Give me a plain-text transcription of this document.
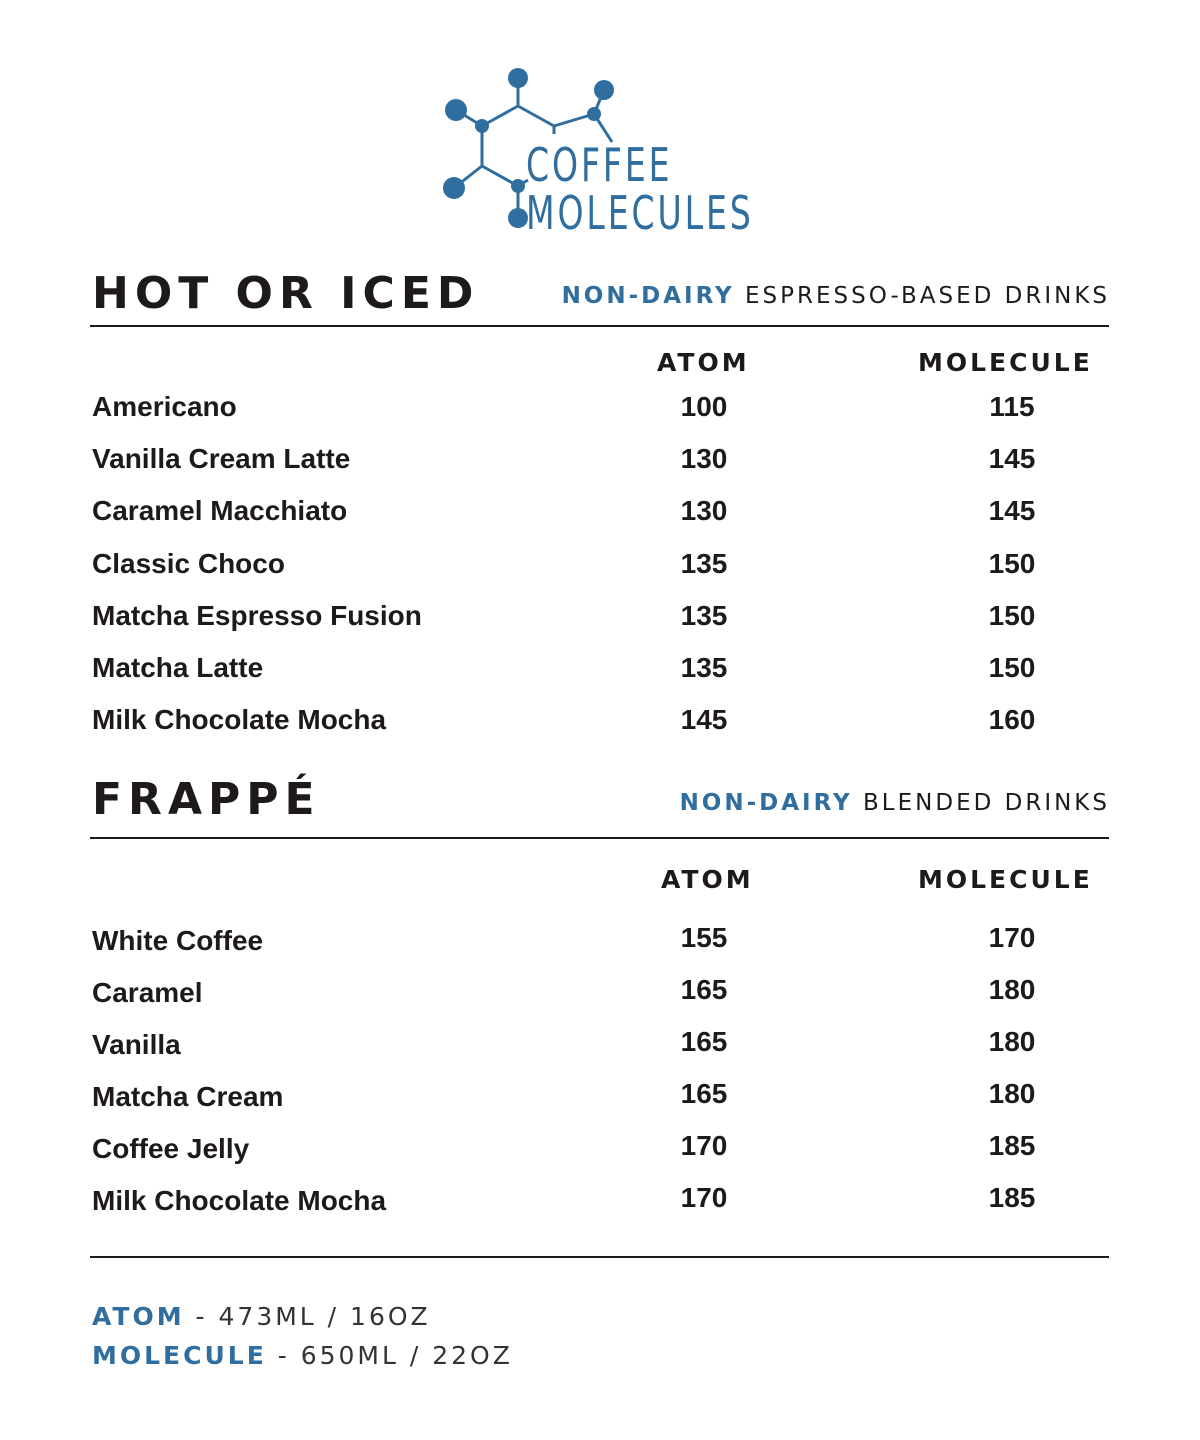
COFFEE
MOLECULES
HOT OR ICED	NON-DAIRY ESPRESSO-BASED DRINKS
ATOM	MOLECULE
Americano	100	115
Vanilla Cream Latte	130	145
Caramel Macchiato	130	145
Classic Choco	135	150
Matcha Espresso Fusion	135	150
Matcha Latte	135	150
Milk Chocolate Mocha	145	160
FRAPPÉ	NON-DAIRY BLENDED DRINKS
ATOM	MOLECULE
White Coffee	155	170
Caramel	165	180
Vanilla	165	180
Matcha Cream	165	180
Coffee Jelly	170	185
Milk Chocolate Mocha	170	185
ATOM - 473ML / 16OZ
MOLECULE - 650ML / 22OZ
